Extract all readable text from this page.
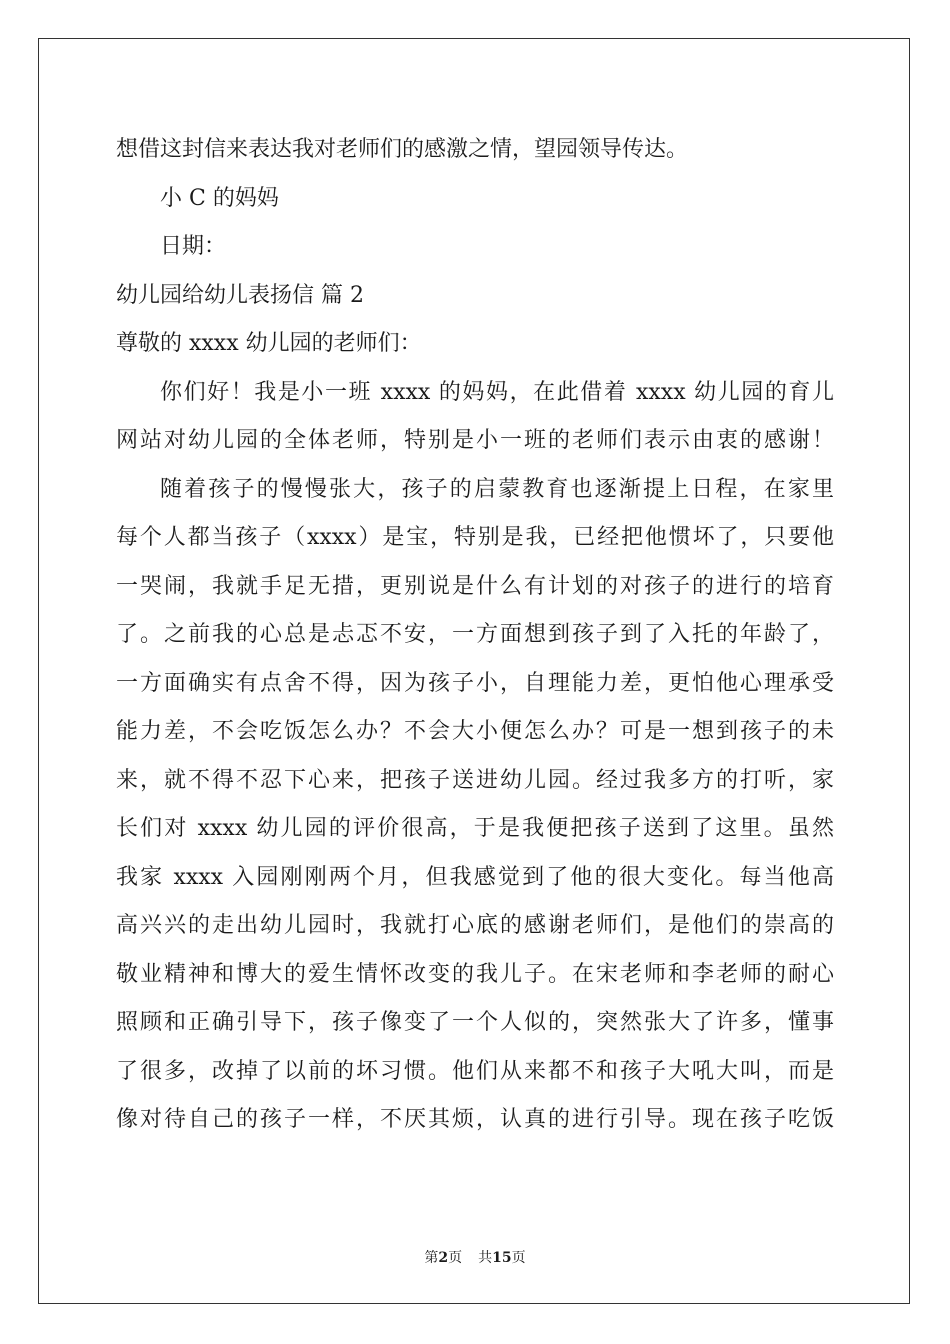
想借这封信来表达我对老师们的感激之情，望园领导传达。
小 C 的妈妈
日期：
幼儿园给幼儿表扬信 篇 2
尊敬的 xxxx 幼儿园的老师们：
你们好！我是小一班 xxxx 的妈妈，在此借着 xxxx 幼儿园的育儿
网站对幼儿园的全体老师，特别是小一班的老师们表示由衷的感谢！
随着孩子的慢慢张大，孩子的启蒙教育也逐渐提上日程，在家里
每个人都当孩子（xxxx）是宝，特别是我，已经把他惯坏了，只要他
一哭闹，我就手足无措，更别说是什么有计划的对孩子的进行的培育
了。之前我的心总是忐忑不安，一方面想到孩子到了入托的年龄了，
一方面确实有点舍不得，因为孩子小，自理能力差，更怕他心理承受
能力差，不会吃饭怎么办？不会大小便怎么办？可是一想到孩子的未
来，就不得不忍下心来，把孩子送进幼儿园。经过我多方的打听，家
长们对 xxxx 幼儿园的评价很高，于是我便把孩子送到了这里。虽然
我家 xxxx 入园刚刚两个月，但我感觉到了他的很大变化。每当他高
高兴兴的走出幼儿园时，我就打心底的感谢老师们，是他们的崇高的
敬业精神和博大的爱生情怀改变的我儿子。在宋老师和李老师的耐心
照顾和正确引导下，孩子像变了一个人似的，突然张大了许多，懂事
了很多，改掉了以前的坏习惯。他们从来都不和孩子大吼大叫，而是
像对待自己的孩子一样，不厌其烦，认真的进行引导。现在孩子吃饭
第2页 共15页
